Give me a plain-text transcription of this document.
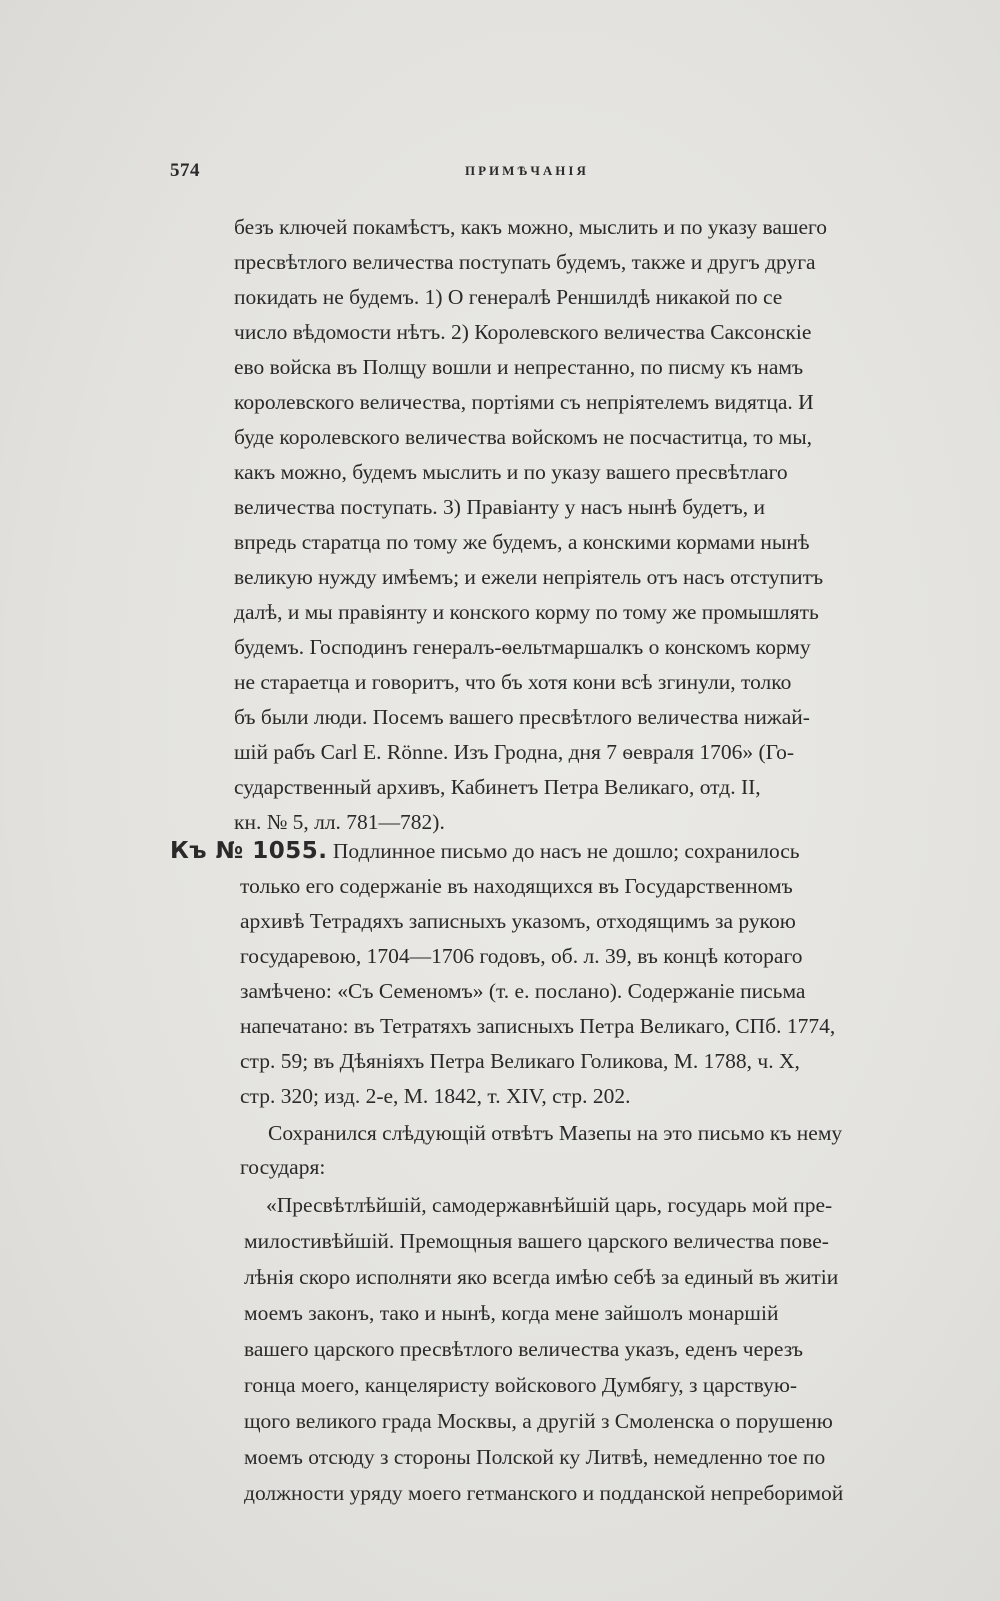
574	ПРИМѢЧАНІЯ
безъ ключей покамѣстъ, какъ можно, мыслить и по указу вашего
пресвѣтлого величества поступать будемъ, также и другъ друга
покидать не будемъ. 1) О генералѣ Реншилдѣ никакой по се
число вѣдомости нѣтъ. 2) Королевского величества Саксонскіе
ево войска въ Полщу вошли и непрестанно, по писму къ намъ
королевского величества, портіями съ непріятелемъ видятца. И
буде королевского величества войскомъ не посчаститца, то мы,
какъ можно, будемъ мыслить и по указу вашего пресвѣтлаго
величества поступать. 3) Правіанту у насъ нынѣ будетъ, и
впредь старатца по тому же будемъ, а конскими кормами нынѣ
великую нужду имѣемъ; и ежели непріятель отъ насъ отступитъ
далѣ, и мы правіянту и конского корму по тому же промышлять
будемъ. Господинъ генералъ-ѳельтмаршалкъ о конскомъ корму
не стараетца и говоритъ, что бъ хотя кони всѣ згинули, толко
бъ были люди. Посемъ вашего пресвѣтлого величества нижай-
шій рабъ Carl E. Rönne. Изъ Гродна, дня 7 ѳевраля 1706» (Го-
сударственный архивъ, Кабинетъ Петра Великаго, отд. II,
кн. № 5, лл. 781—782).
Къ № 1055. Подлинное письмо до насъ не дошло; сохранилось
только его содержаніе въ находящихся въ Государственномъ
архивѣ Тетрадяхъ записныхъ указомъ, отходящимъ за рукою
государевою, 1704—1706 годовъ, об. л. 39, въ концѣ котораго
замѣчено: «Съ Семеномъ» (т. е. послано). Содержаніе письма
напечатано: въ Тетратяхъ записныхъ Петра Великаго, СПб. 1774,
стр. 59; въ Дѣяніяхъ Петра Великаго Голикова, М. 1788, ч. X,
стр. 320; изд. 2-е, М. 1842, т. XIV, стр. 202.
Сохранился слѣдующій отвѣтъ Мазепы на это письмо къ нему
государя:
«Пресвѣтлѣйшій, самодержавнѣйшій царь, государь мой пре-
милостивѣйшій. Премощныя вашего царского величества повe-
лѣнія скоро исполняти яко всегда имѣю себѣ за единый въ житіи
моемъ законъ, тако и нынѣ, когда мене зайшолъ монаршій
вашего царского пресвѣтлого величества указъ, еденъ черезъ
гонца моего, канцеляристу войскового Думбягу, з царствую-
щого великого града Москвы, а другій з Смоленска о порушеню
моемъ отсюду з стороны Полской ку Литвѣ, немедленно тое по
должности уряду моего гетманского и подданской непреборимой
